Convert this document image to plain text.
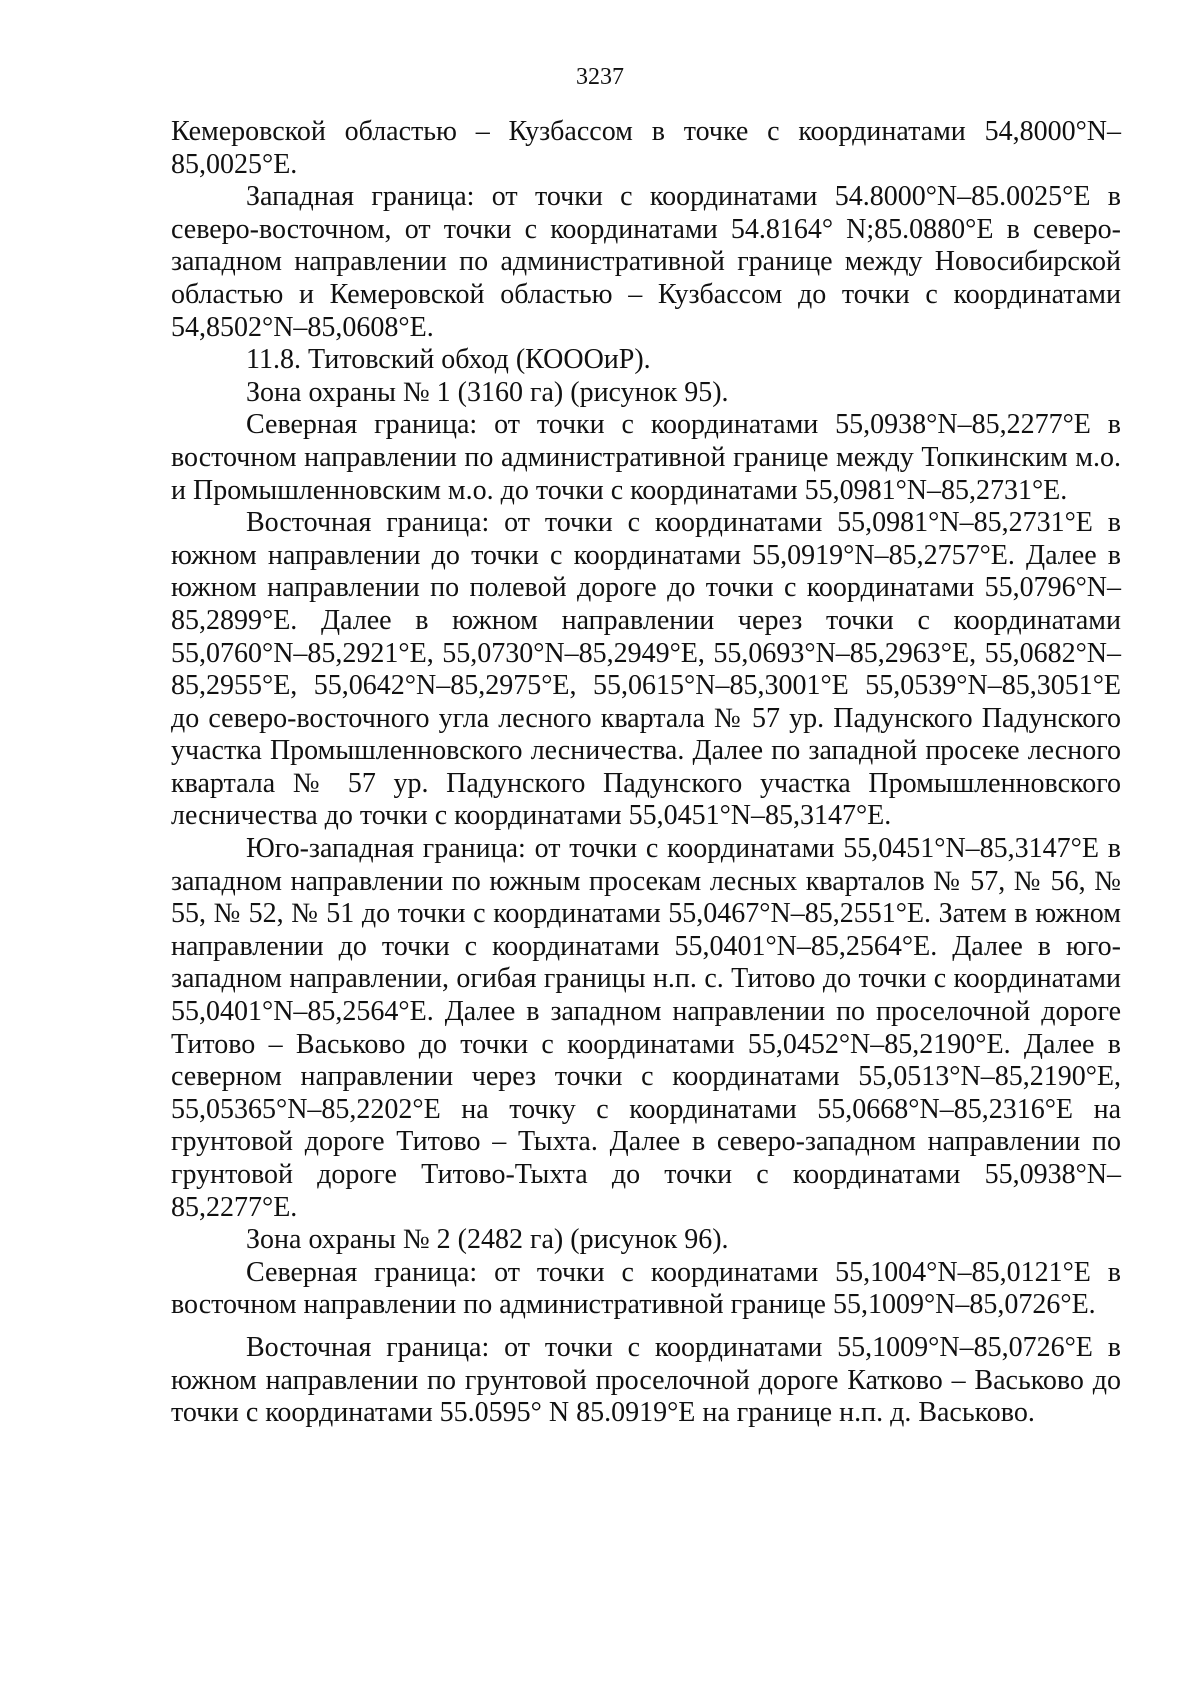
3237

Кемеровской областью – Кузбассом в точке с координатами 54,8000°N–85,0025°E.

Западная граница: от точки с координатами 54.8000°N–85.0025°E в северо-восточном, от точки с координатами 54.8164° N;85.0880°E в северо-западном направлении по административной границе между Новосибирской областью и Кемеровской областью – Кузбассом до точки с координатами 54,8502°N–85,0608°E.

11.8. Титовский обход (КОООиР).

Зона охраны № 1 (3160 га) (рисунок 95).

Северная граница: от точки с координатами 55,0938°N–85,2277°E в восточном направлении по административной границе между Топкинским м.о. и Промышленновским м.о. до точки с координатами 55,0981°N–85,2731°E.

Восточная граница: от точки с координатами 55,0981°N–85,2731°E в южном направлении до точки с координатами 55,0919°N–85,2757°E. Далее в южном направлении по полевой дороге до точки с координатами 55,0796°N–85,2899°E. Далее в южном направлении через точки с координатами 55,0760°N–85,2921°E, 55,0730°N–85,2949°E, 55,0693°N–85,2963°E, 55,0682°N–85,2955°E, 55,0642°N–85,2975°E, 55,0615°N–85,3001°E 55,0539°N–85,3051°E до северо-восточного угла лесного квартала № 57 ур. Падунского Падунского участка Промышленновского лесничества. Далее по западной просеке лесного квартала № 57 ур. Падунского Падунского участка Промышленновского лесничества до точки с координатами 55,0451°N–85,3147°E.

Юго-западная граница: от точки с координатами 55,0451°N–85,3147°E в западном направлении по южным просекам лесных кварталов № 57, № 56, № 55, № 52, № 51 до точки с координатами 55,0467°N–85,2551°E. Затем в южном направлении до точки с координатами 55,0401°N–85,2564°E. Далее в юго-западном направлении, огибая границы н.п. с. Титово до точки с координатами 55,0401°N–85,2564°E. Далее в западном направлении по проселочной дороге Титово – Васьково до точки с координатами 55,0452°N–85,2190°E. Далее в северном направлении через точки с координатами 55,0513°N–85,2190°E, 55,05365°N–85,2202°E на точку с координатами 55,0668°N–85,2316°E на грунтовой дороге Титово – Тыхта. Далее в северо-западном направлении по грунтовой дороге Титово-Тыхта до точки с координатами 55,0938°N–85,2277°E.

Зона охраны № 2 (2482 га) (рисунок 96).

Северная граница: от точки с координатами 55,1004°N–85,0121°E в восточном направлении по административной границе 55,1009°N–85,0726°E.

Восточная граница: от точки с координатами 55,1009°N–85,0726°E в южном направлении по грунтовой проселочной дороге Катково – Васьково до точки с координатами 55.0595° N 85.0919°E на границе н.п. д. Васьково.
